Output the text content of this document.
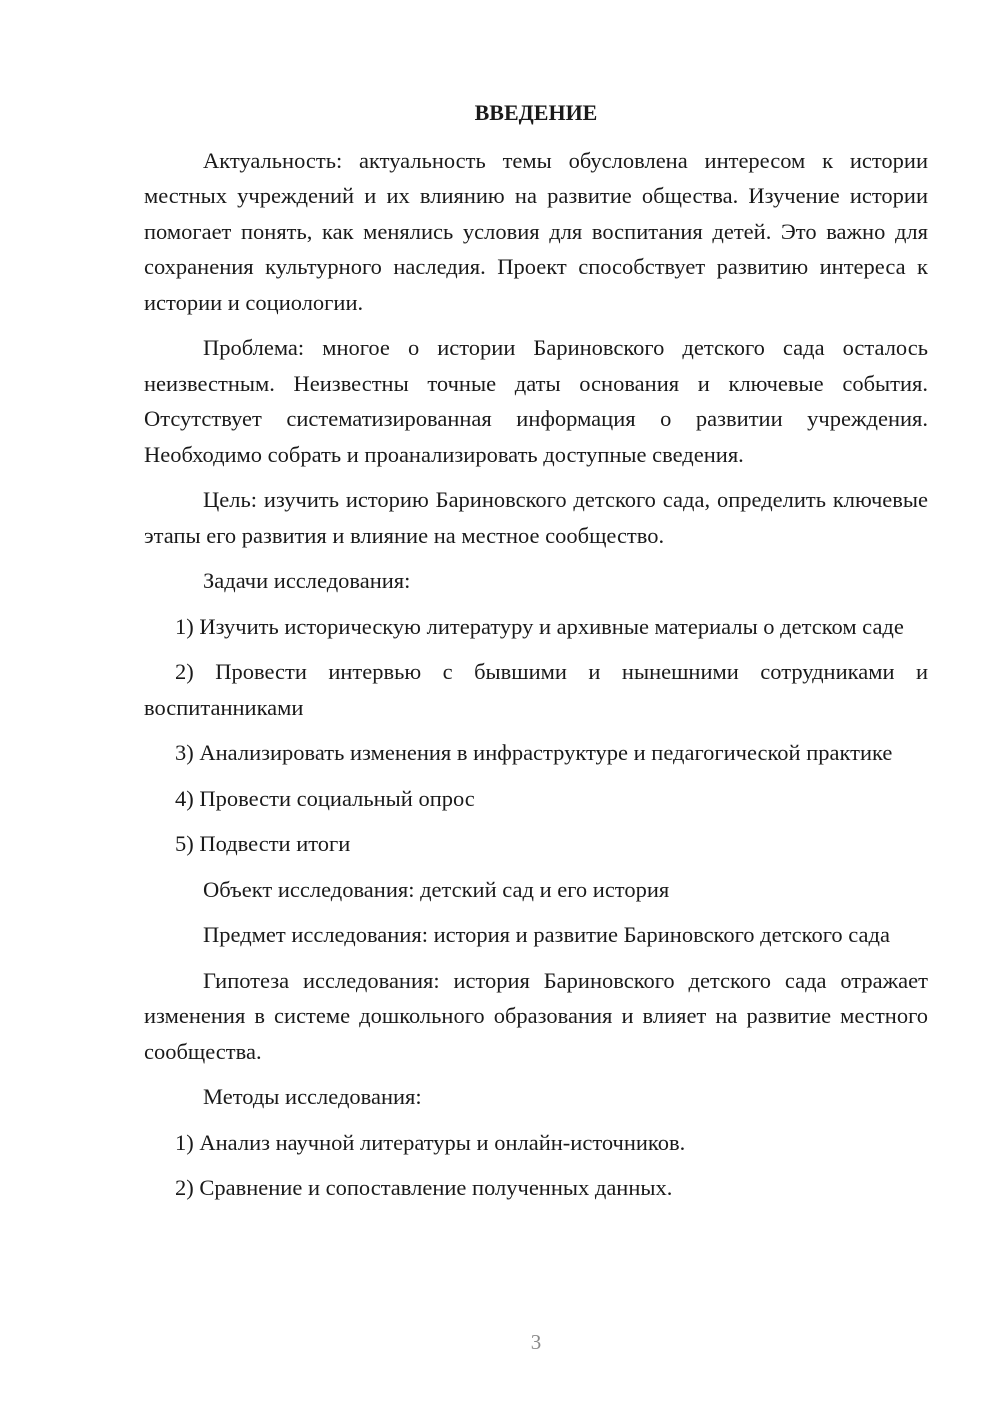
ВВЕДЕНИЕ

Актуальность: актуальность темы обусловлена интересом к истории местных учреждений и их влиянию на развитие общества. Изучение истории помогает понять, как менялись условия для воспитания детей. Это важно для сохранения культурного наследия. Проект способствует развитию интереса к истории и социологии.

Проблема: многое о истории Бариновского детского сада осталось неизвестным. Неизвестны точные даты основания и ключевые события. Отсутствует систематизированная информация о развитии учреждения. Необходимо собрать и проанализировать доступные сведения.

Цель: изучить историю Бариновского детского сада, определить ключевые этапы его развития и влияние на местное сообщество.

Задачи исследования:

1) Изучить историческую литературу и архивные материалы о детском саде

2) Провести интервью с бывшими и нынешними сотрудниками и воспитанниками

3) Анализировать изменения в инфраструктуре и педагогической практике

4) Провести социальный опрос

5) Подвести итоги

Объект исследования: детский сад и его история

Предмет исследования: история и развитие Бариновского детского сада

Гипотеза исследования: история Бариновского детского сада отражает изменения в системе дошкольного образования и влияет на развитие местного сообщества.

Методы исследования:

1) Анализ научной литературы и онлайн-источников.

2) Сравнение и сопоставление полученных данных.

3
